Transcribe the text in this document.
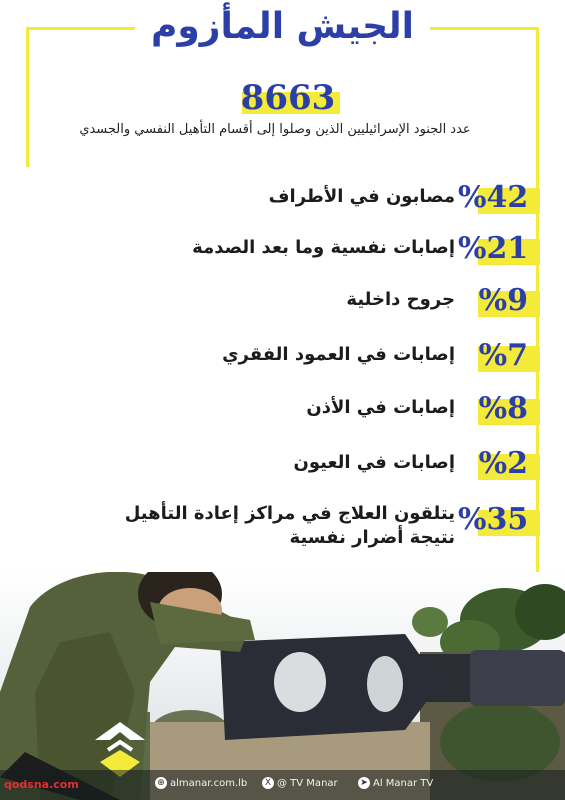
الجيش المأزوم
8663
عدد الجنود الإسرائيليين الذين وصلوا إلى أقسام التأهيل النفسي والجسدي
%42
مصابون في الأطراف
%21
إصابات نفسية وما بعد الصدمة
%9
جروح داخلية
%7
إصابات في العمود الفقري
%8
إصابات في الأذن
%2
إصابات في العيون
%35
يتلقون العلاج في مراكز إعادة التأهيل
نتيجة أضرار نفسية
⊕ almanar.com.lb	X @ TV Manar	➤ Al Manar TV
qodsna.com
